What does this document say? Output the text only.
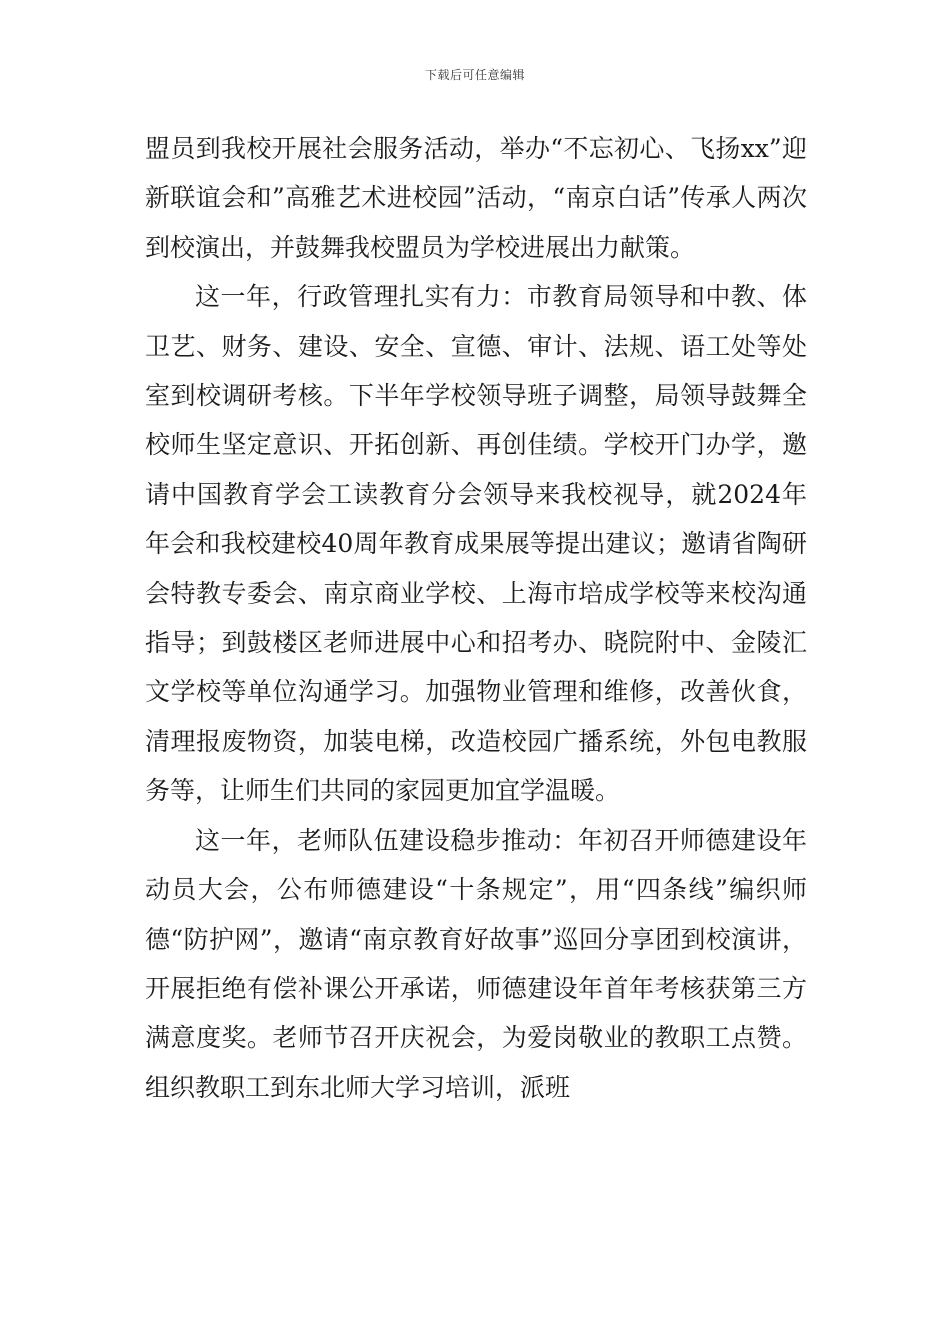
下载后可任意编辑

盟员到我校开展社会服务活动，举办“不忘初心、飞扬xx”迎新联谊会和”高雅艺术进校园”活动，“南京白话”传承人两次到校演出，并鼓舞我校盟员为学校进展出力献策。

这一年，行政管理扎实有力：市教育局领导和中教、体卫艺、财务、建设、安全、宣德、审计、法规、语工处等处室到校调研考核。下半年学校领导班子调整，局领导鼓舞全校师生坚定意识、开拓创新、再创佳绩。学校开门办学，邀请中国教育学会工读教育分会领导来我校视导，就2024年年会和我校建校40周年教育成果展等提出建议；邀请省陶研会特教专委会、南京商业学校、上海市培成学校等来校沟通指导；到鼓楼区老师进展中心和招考办、晓院附中、金陵汇文学校等单位沟通学习。加强物业管理和维修，改善伙食，清理报废物资，加装电梯，改造校园广播系统，外包电教服务等，让师生们共同的家园更加宜学温暖。

这一年，老师队伍建设稳步推动：年初召开师德建设年动员大会，公布师德建设“十条规定”，用“四条线”编织师德“防护网”，邀请“南京教育好故事”巡回分享团到校演讲，开展拒绝有偿补课公开承诺，师德建设年首年考核获第三方满意度奖。老师节召开庆祝会，为爱岗敬业的教职工点赞。组织教职工到东北师大学习培训，派班
